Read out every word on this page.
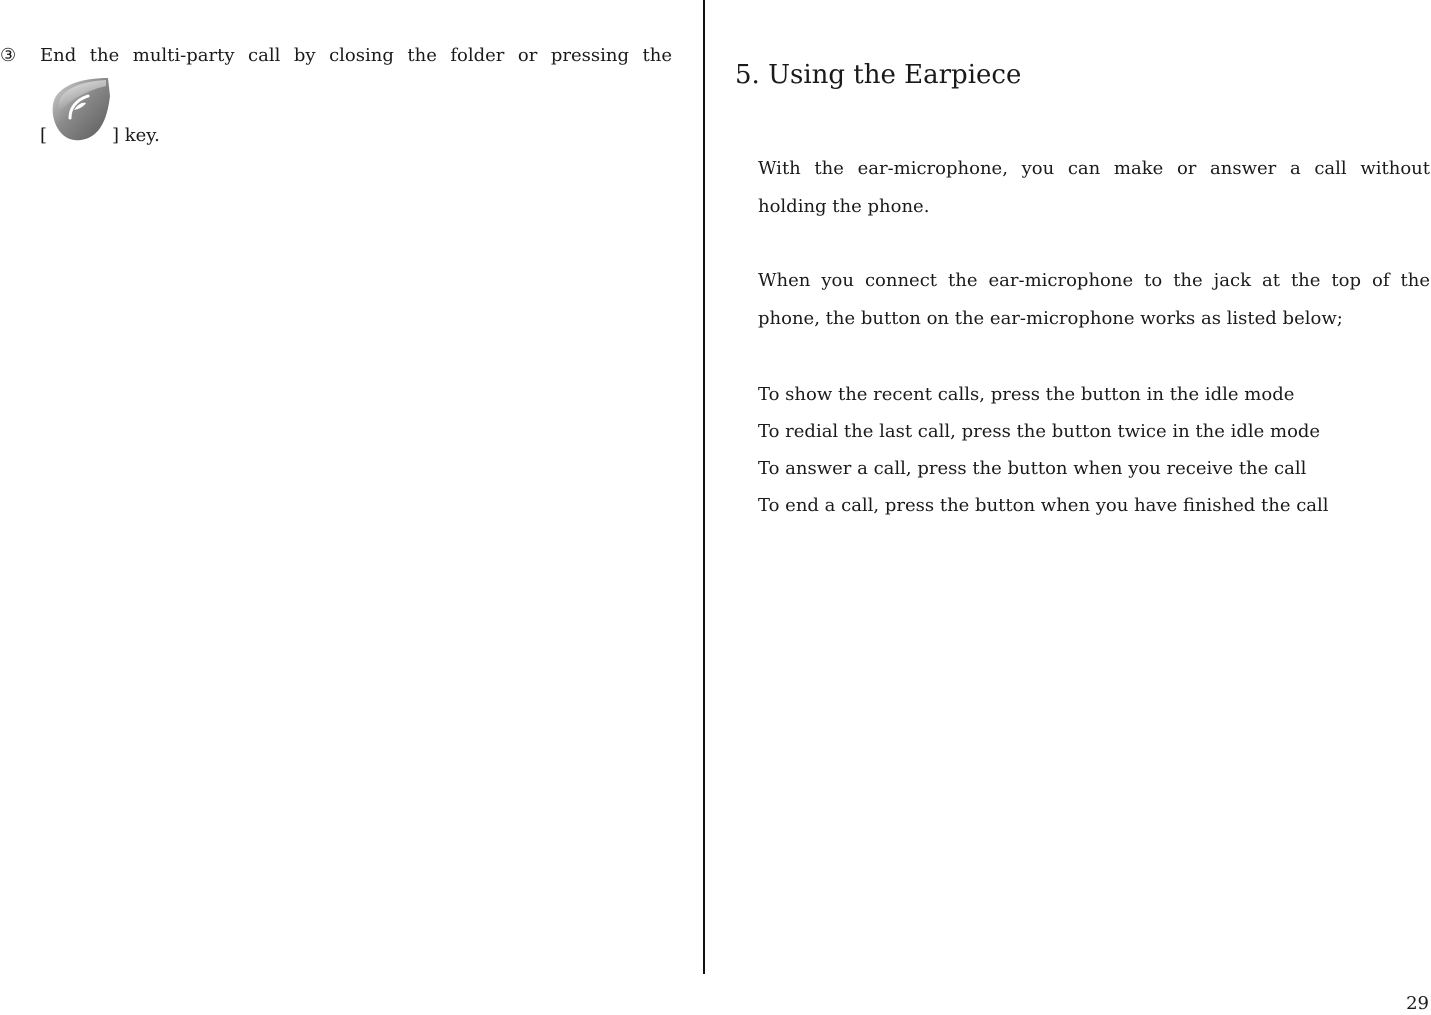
③ End the multi-party call by closing the folder or pressing the
[	] key.
5. Using the Earpiece

With the ear-microphone, you can make or answer a call without
holding the phone.

When you connect the ear-microphone to the jack at the top of the
phone, the button on the ear-microphone works as listed below;

To show the recent calls, press the button in the idle mode
To redial the last call, press the button twice in the idle mode
To answer a call, press the button when you receive the call
To end a call, press the button when you have finished the call
29
